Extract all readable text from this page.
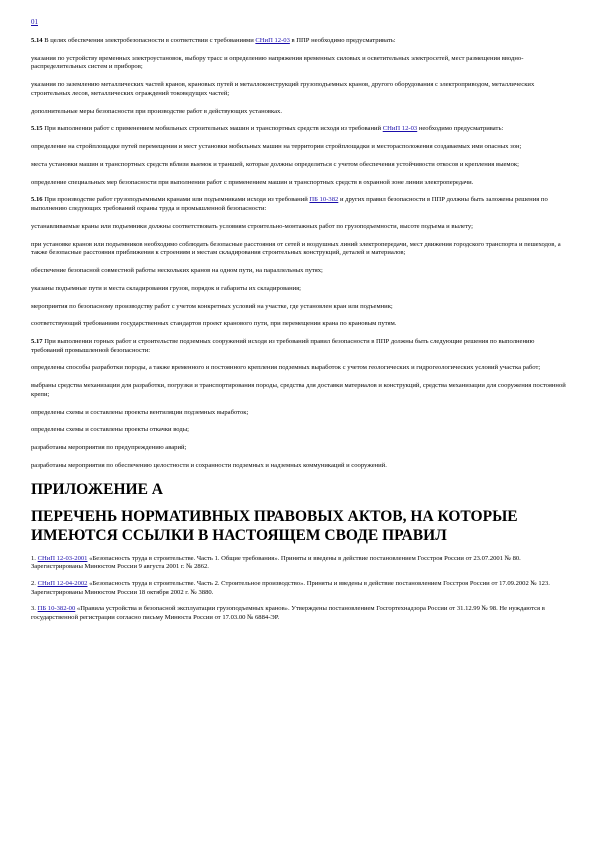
01

5.14 В целях обеспечения электробезопасности в соответствии с требованиями СНиП 12-03 в ППР необходимо предусматривать:

указания по устройству временных электроустановок, выбору трасс и определению напряжения временных силовых и осветительных электросетей, мест размещения вводно-распределительных систем и приборов;

указания по заземлению металлических частей кранов, крановых путей и металлоконструкций грузоподъемных кранов, другого оборудования с электроприводом, металлических строительных лесов, металлических ограждений токоведущих частей;

дополнительные меры безопасности при производстве работ в действующих установках.

5.15 При выполнении работ с применением мобильных строительных машин и транспортных средств исходя из требований СНиП 12-03 необходимо предусматривать:

определение на стройплощадке путей перемещения и мест установки мобильных машин на территории стройплощадки и месторасположения создаваемых ими опасных зон;

места установки машин и транспортных средств вблизи выемок и траншей, которые должны определяться с учетом обеспечения устойчивости откосов и крепления выемок;

определение специальных мер безопасности при выполнении работ с применением машин и транспортных средств в охранной зоне линии электропередачи.

5.16 При производстве работ грузоподъемными кранами или подъемниками исходя из требований ПБ 10-382 и других правил безопасности в ППР должны быть заложены решения по выполнению следующих требований охраны труда и промышленной безопасности:

устанавливаемые краны или подъемники должны соответствовать условиям строительно-монтажных работ по грузоподъемности, высоте подъема и вылету;

при установке кранов или подъемников необходимо соблюдать безопасные расстояния от сетей и воздушных линий электропередачи, мест движения городского транспорта и пешеходов, а также безопасные расстояния приближения к строениям и местам складирования строительных конструкций, деталей и материалов;

обеспечение безопасной совместной работы нескольких кранов на одном пути, на параллельных путях;

указаны подъемные пути и места складирования грузов, порядок и габариты их складирования;

мероприятия по безопасному производству работ с учетом конкретных условий на участке, где установлен кран или подъемник;

соответствующий требованиям государственных стандартов проект кранового пути, при перемещении крана по крановым путям.

5.17 При выполнении горных работ и строительстве подземных сооружений исходя из требований правил безопасности в ППР должны быть следующие решения по выполнению требований промышленной безопасности:

определены способы разработки породы, а также временного и постоянного крепления подземных выработок с учетом геологических и гидрогеологических условий участка работ;

выбраны средства механизации для разработки, погрузки и транспортирования породы, средства для доставки материалов и конструкций, средства механизации для сооружения постоянной крепи;

определены схемы и составлены проекты вентиляции подземных выработок;

определены схемы и составлены проекты откачки воды;

разработаны мероприятия по предупреждению аварий;

разработаны мероприятия по обеспечению целостности и сохранности подземных и надземных коммуникаций и сооружений.

ПРИЛОЖЕНИЕ А
ПЕРЕЧЕНЬ НОРМАТИВНЫХ ПРАВОВЫХ АКТОВ, НА КОТОРЫЕ ИМЕЮТСЯ ССЫЛКИ В НАСТОЯЩЕМ СВОДЕ ПРАВИЛ

1. СНиП 12-03-2001 «Безопасность труда в строительстве. Часть 1. Общие требования». Приняты и введены в действие постановлением Госстроя России от 23.07.2001 № 80. Зарегистрированы Минюстом России 9 августа 2001 г. № 2862.

2. СНиП 12-04-2002 «Безопасность труда в строительстве. Часть 2. Строительное производство». Приняты и введены в действие постановлением Госстроя России от 17.09.2002 № 123. Зарегистрированы Минюстом России 18 октября 2002 г. № 3880.

3. ПБ 10-382-00 «Правила устройства и безопасной эксплуатации грузоподъемных кранов». Утверждены постановлением Госгортехнадзора России от 31.12.99 № 98. Не нуждаются в государственной регистрации согласно письму Минюста России от 17.03.00 № 6884-ЭР.
